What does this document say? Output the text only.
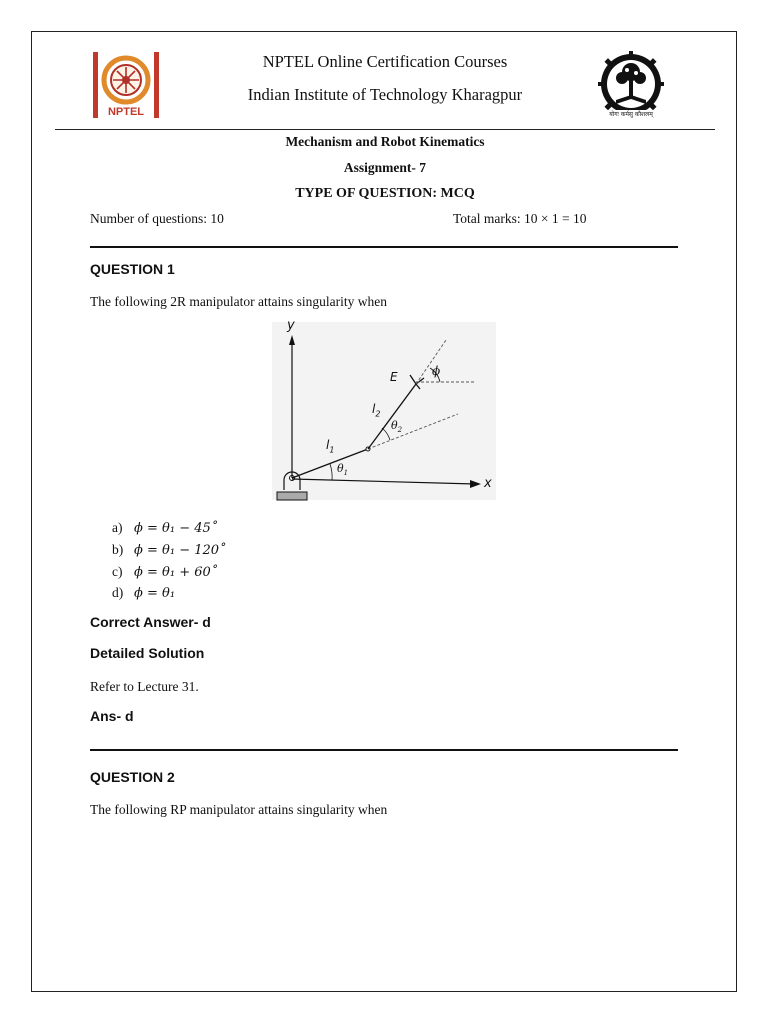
NPTEL
NPTEL Online Certification Courses
Indian Institute of Technology Kharagpur
योगः कर्मसु कौशलम्
Mechanism and Robot Kinematics
Assignment- 7
TYPE OF QUESTION: MCQ
Number of questions: 10	Total marks: 10 × 1 = 10
QUESTION 1
The following 2R manipulator attains singularity when
y
x
E	ϕ
$l_2$
$\theta_2$
$l_1$
$\theta_1$
a) ϕ = θ₁ − 45˚
b) ϕ = θ₁ − 120˚
c) ϕ = θ₁ + 60˚
d) ϕ = θ₁
Correct Answer- d
Detailed Solution
Refer to Lecture 31.
Ans- d
QUESTION 2
The following RP manipulator attains singularity when
